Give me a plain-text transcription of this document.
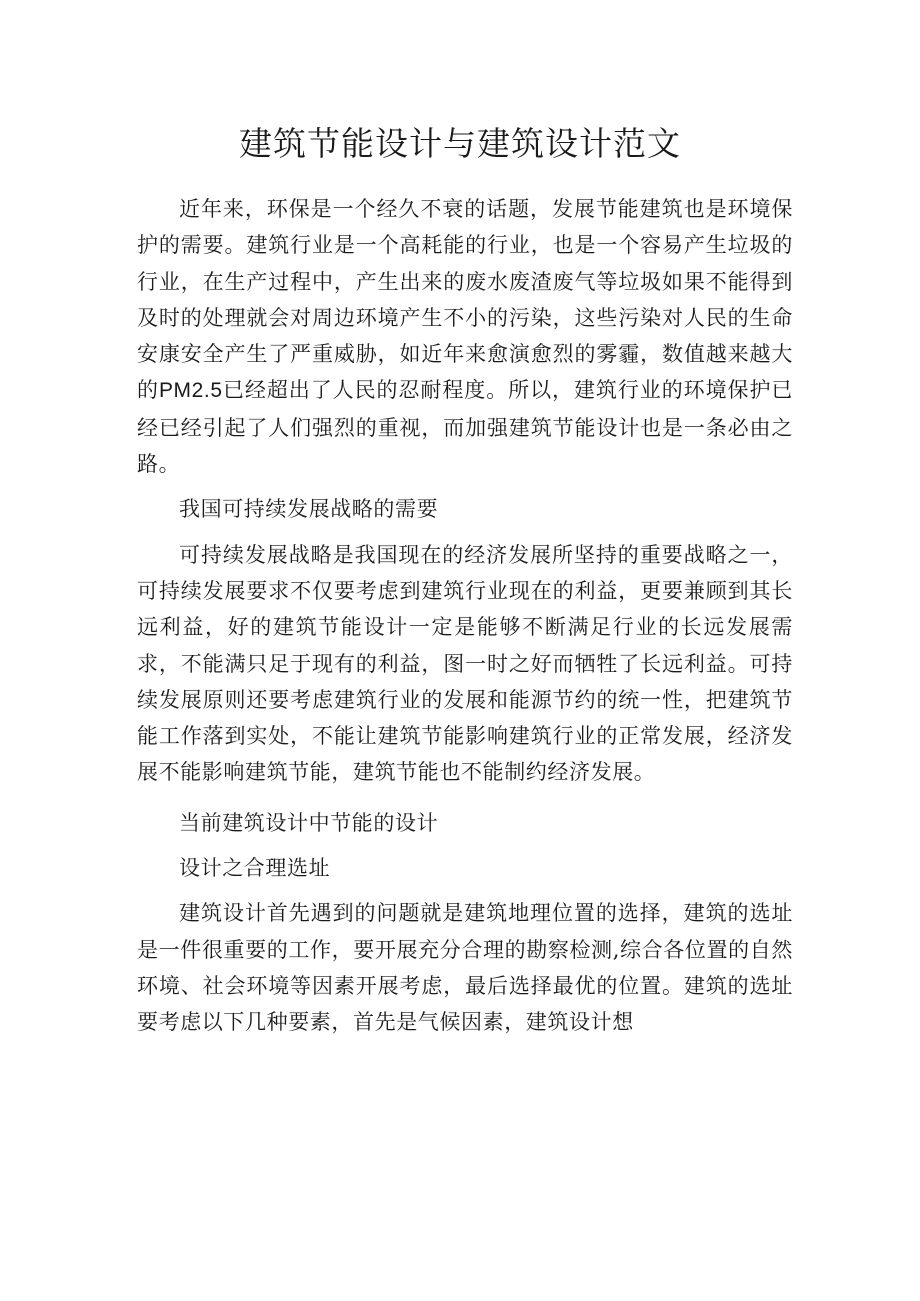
建筑节能设计与建筑设计范文

近年来，环保是一个经久不衰的话题，发展节能建筑也是环境保护的需要。建筑行业是一个高耗能的行业，也是一个容易产生垃圾的行业，在生产过程中，产生出来的废水废渣废气等垃圾如果不能得到及时的处理就会对周边环境产生不小的污染，这些污染对人民的生命安康安全产生了严重威胁，如近年来愈演愈烈的雾霾，数值越来越大的PM2.5已经超出了人民的忍耐程度。所以，建筑行业的环境保护已经已经引起了人们强烈的重视，而加强建筑节能设计也是一条必由之路。

我国可持续发展战略的需要

可持续发展战略是我国现在的经济发展所坚持的重要战略之一，可持续发展要求不仅要考虑到建筑行业现在的利益，更要兼顾到其长远利益，好的建筑节能设计一定是能够不断满足行业的长远发展需求，不能满只足于现有的利益，图一时之好而牺牲了长远利益。可持续发展原则还要考虑建筑行业的发展和能源节约的统一性，把建筑节能工作落到实处，不能让建筑节能影响建筑行业的正常发展，经济发展不能影响建筑节能，建筑节能也不能制约经济发展。

当前建筑设计中节能的设计

设计之合理选址

建筑设计首先遇到的问题就是建筑地理位置的选择，建筑的选址是一件很重要的工作，要开展充分合理的勘察检测,综合各位置的自然环境、社会环境等因素开展考虑，最后选择最优的位置。建筑的选址要考虑以下几种要素，首先是气候因素，建筑设计想
